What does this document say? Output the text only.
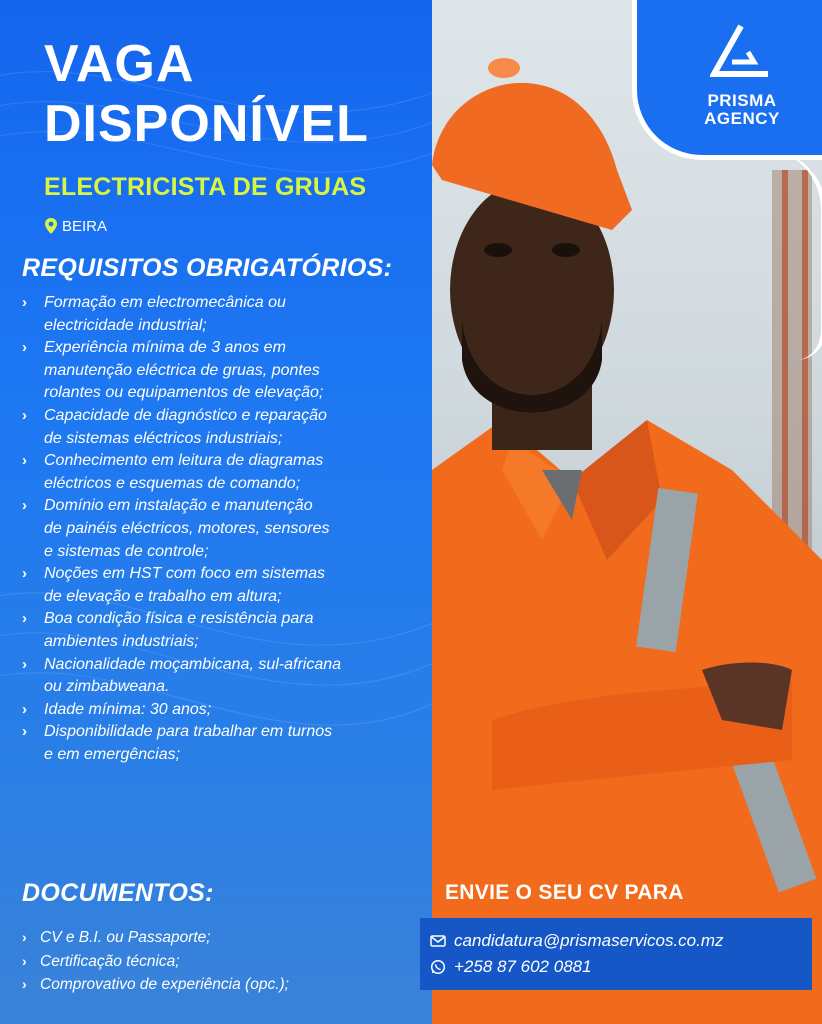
PRISMA
AGENCY
VAGA
DISPONÍVEL
ELECTRICISTA DE GRUAS
BEIRA
REQUISITOS OBRIGATÓRIOS:
› Formação em electromecânica ou
electricidade industrial;
› Experiência mínima de 3 anos em
manutenção eléctrica de gruas, pontes
rolantes ou equipamentos de elevação;
› Capacidade de diagnóstico e reparação
de sistemas eléctricos industriais;
› Conhecimento em leitura de diagramas
eléctricos e esquemas de comando;
› Domínio em instalação e manutenção
de painéis eléctricos, motores, sensores
e sistemas de controle;
› Noções em HST com foco em sistemas
de elevação e trabalho em altura;
› Boa condição física e resistência para
ambientes industriais;
› Nacionalidade moçambicana, sul-africana
ou zimbabweana.
› Idade mínima: 30 anos;
› Disponibilidade para trabalhar em turnos
e em emergências;
DOCUMENTOS:
› CV e B.I. ou Passaporte;
› Certificação técnica;
› Comprovativo de experiência (opc.);
ENVIE O SEU CV PARA
candidatura@prismaservicos.co.mz
+258 87 602 0881
